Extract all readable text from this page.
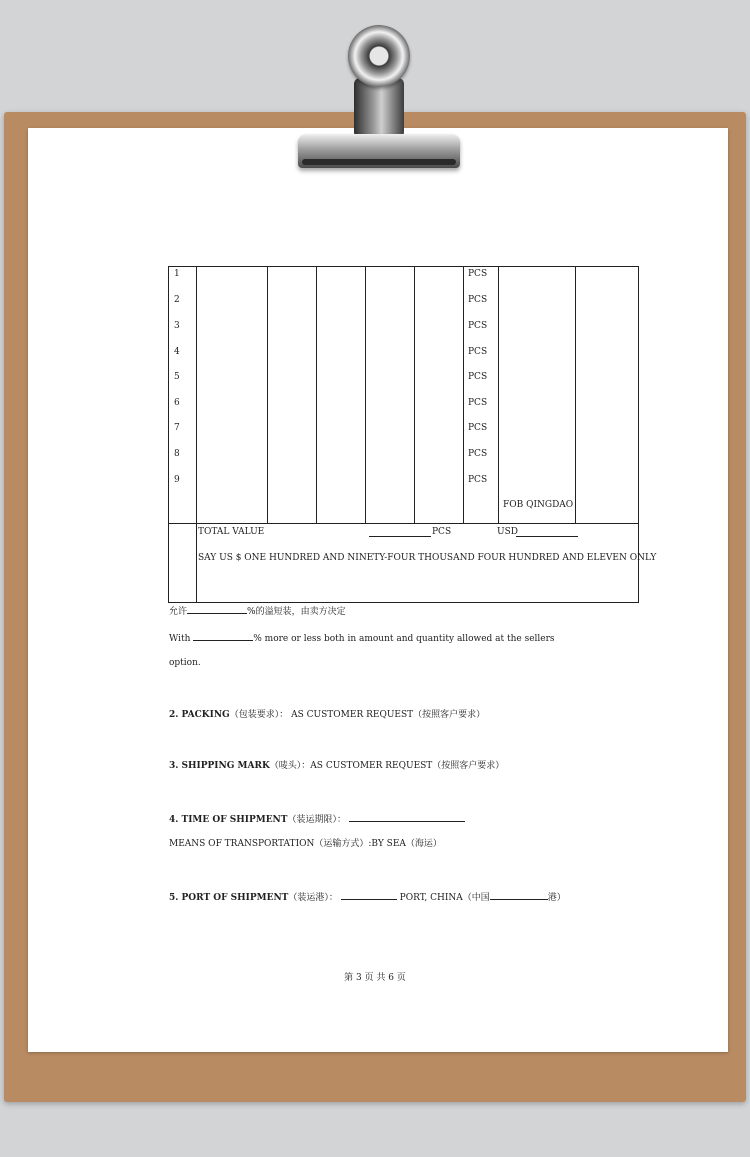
1	PCS
2	PCS
3	PCS
4	PCS
5	PCS
6	PCS
7	PCS
8	PCS
9	PCS
FOB QINGDAO
TOTAL VALUE	PCS	USD
SAY US $ ONE HUNDRED AND NINETY-FOUR THOUSAND FOUR HUNDRED AND ELEVEN ONLY
允许	%的溢短装，由卖方决定
With	% more or less both in amount and quantity allowed at the sellers
option.
2. PACKING（包装要求）： AS CUSTOMER REQUEST（按照客户要求）
3. SHIPPING MARK（唛头）：AS CUSTOMER REQUEST（按照客户要求）
4. TIME OF SHIPMENT（装运期限）：
MEANS OF TRANSPORTATION（运输方式）:BY SEA（海运）
5. PORT OF SHIPMENT（装运港）：	PORT, CHINA（中国	港）
第 3 页 共 6 页
